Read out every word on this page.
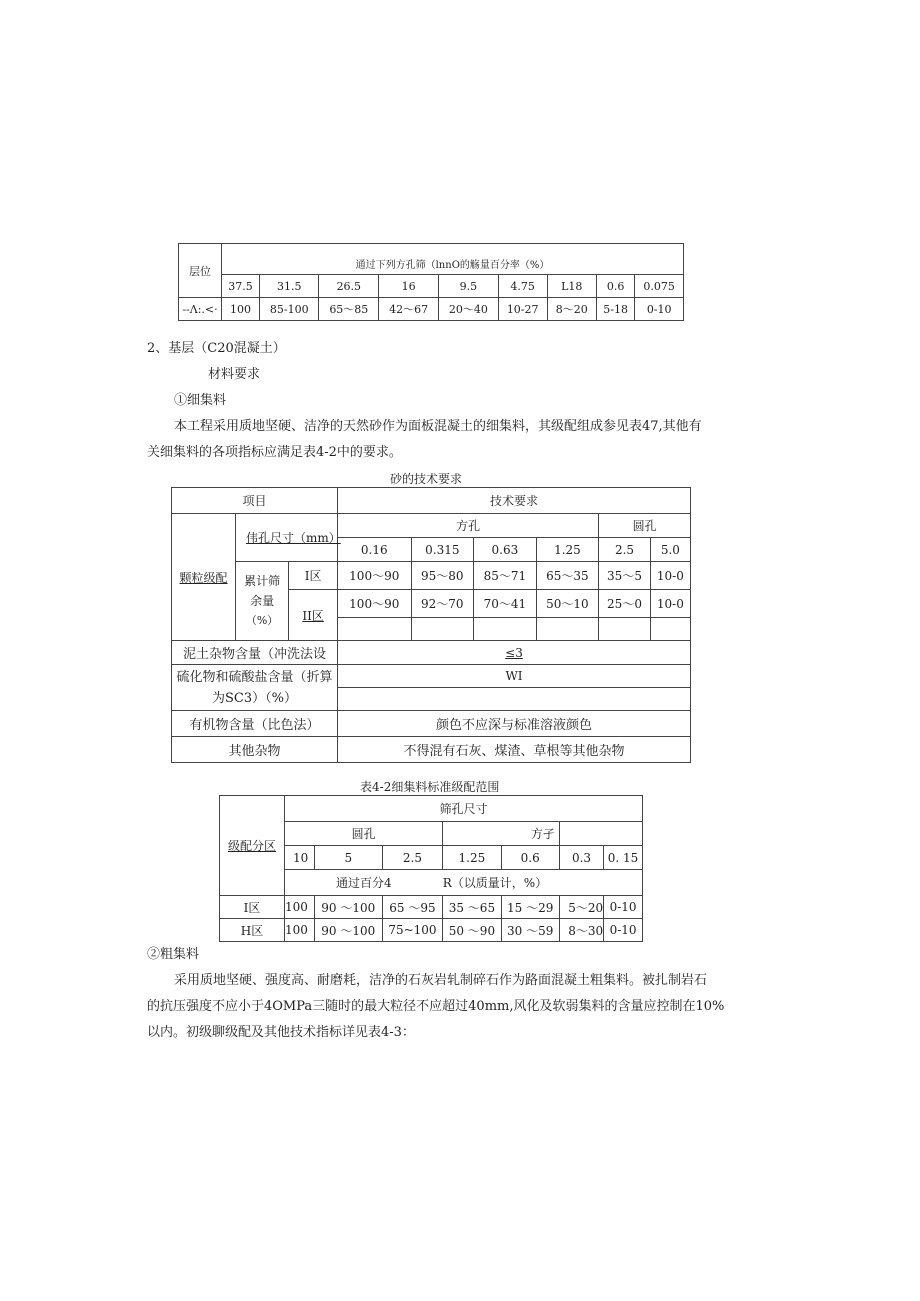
层位	通过下列方孔筛（lnnO的觞量百分率（%）								
	37.5	31.5	26.5	16	9.5	4.75	L18	0.6	0.075
--Λ:.<·	100	85-100	65～85	42～67	20～40	10-27	8～20	5-18	0-10
2、基层（C20混凝土）
材料要求
①细集料
本工程采用质地坚硬、洁净的天然砂作为面板混凝土的细集料，其级配组成参见表47,其他有
关细集料的各项指标应满足表4-2中的要求。
砂的技术要求
项目			技术要求					
颗粒级配	伟孔尺寸（mm）		方孔				圆孔	
			0.16	0.315	0.63	1.25	2.5	5.0

	累计筛
余量
（%）	I区	100～90	95～80	85～71	65～35	35～5	10-0
		II区	100～90	92～70	70～41	50～10	25～0	10-0

泥土杂物含量（冲洗法设			≤3					

硫化物和硫酸盐含量（折算
为SC3）（%）			WI					

有机物含量（比色法）			颜色不应深与标准溶液颜色					
其他杂物			不得混有石灰、煤渣、草根等其他杂物					
表4-2细集料标准级配范围
级配分区	筛孔尺寸						
	圆孔			方孑			
	10	5	2.5	1.25	0.6	0.3	0. 15
	通过百分4			R（以质量计，%）			
I区	100	90 ～100	65 ～95	35 ～65	15 ～29	5～20	0-10
H区	100	90 ～100	75~100	50 ～90	30 ～59	8～30	0-10
②粗集料
采用质地坚硬、强度高、耐磨耗，洁净的石灰岩轧制碎石作为路面混凝土粗集料。被扎制岩石
的抗压强度不应小于4OMPa三随时的最大粒径不应超过40mm,风化及软弱集料的含量应控制在10%
以内。初级聊级配及其他技术指标详见表4-3：
